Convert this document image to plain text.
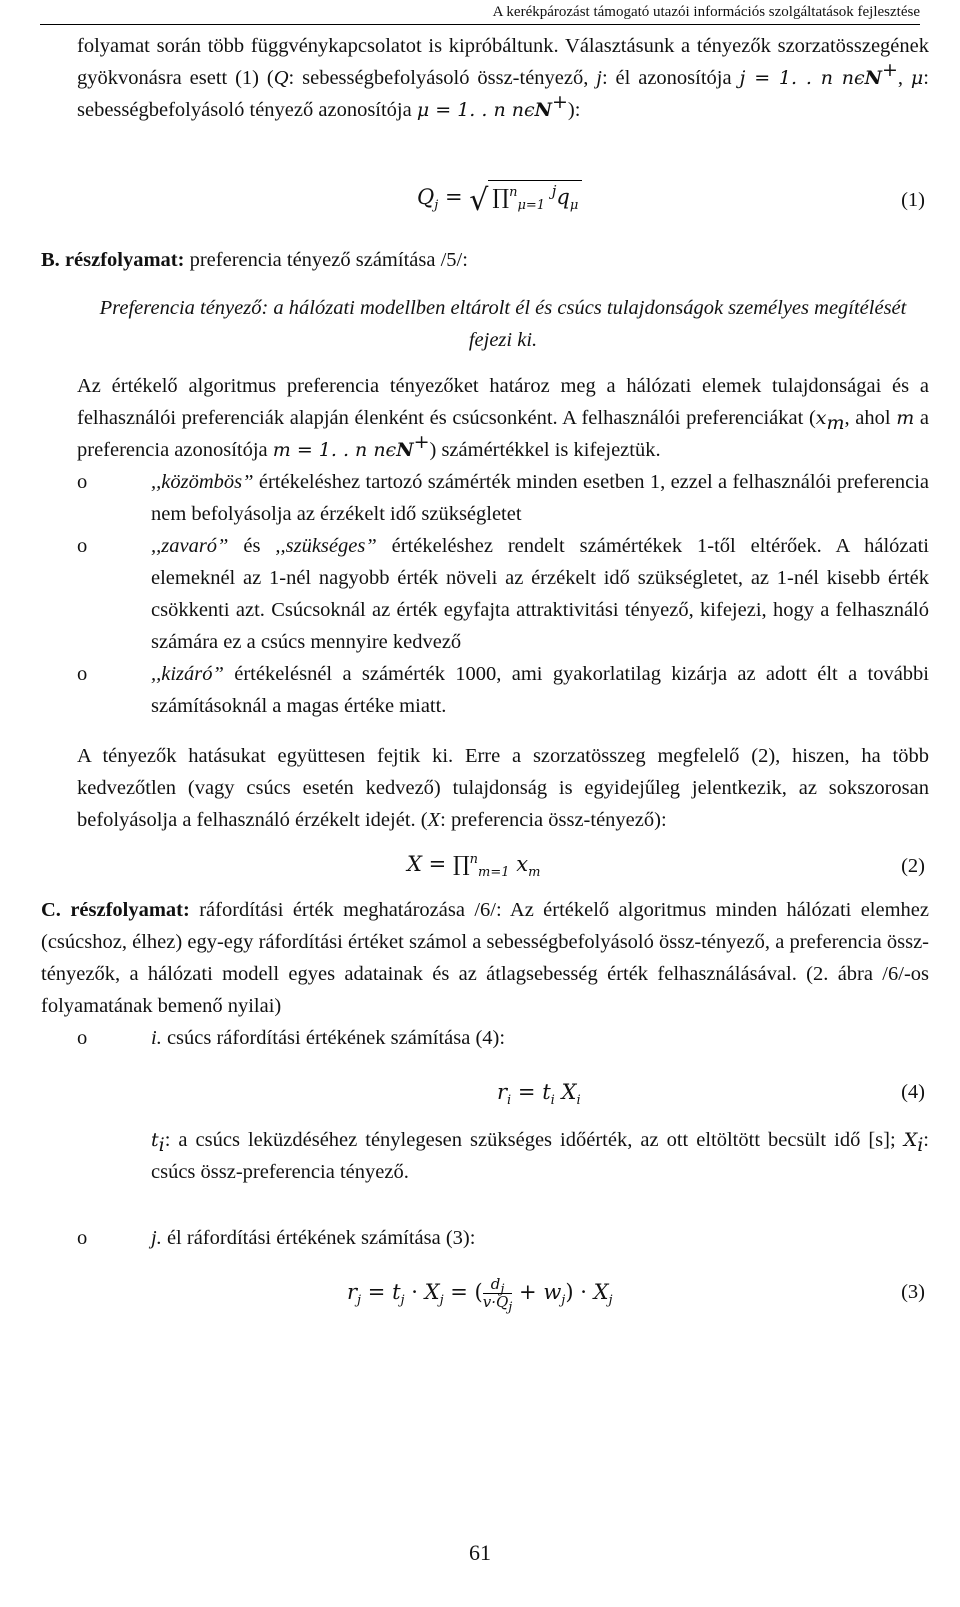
A kerékpározást támogató utazói információs szolgáltatások fejlesztése

folyamat során több függvénykapcsolatot is kipróbáltunk. Választásunk a tényezők szorzatösszegének gyökvonásra esett (1) (Q: sebességbefolyásoló össz-tényező, j: él azonosítója j = 1. . n nϵN+, μ: sebességbefolyásoló tényező azonosítója μ = 1. . n nϵN+):

$Q_j$ = √ ∏$^n_{\mu=1}$ $^jq_\mu$	(1)

B. részfolyamat: preferencia tényező számítása /5/:

Preferencia tényező: a hálózati modellben eltárolt él és csúcs tulajdonságok személyes megítélését fejezi ki.

Az értékelő algoritmus preferencia tényezőket határoz meg a hálózati elemek tulajdonságai és a felhasználói preferenciák alapján élenként és csúcsonként. A felhasználói preferenciákat ($x_m$, ahol m a preferencia azonosítója m = 1. . n nϵN+) számértékkel is kifejeztük.

o	,,közömbös” értékeléshez tartozó számérték minden esetben 1, ezzel a felhasználói preferencia nem befolyásolja az érzékelt idő szükségletet

o	,,zavaró” és ,,szükséges” értékeléshez rendelt számértékek 1-től eltérőek. A hálózati elemeknél az 1-nél nagyobb érték növeli az érzékelt idő szükségletet, az 1-nél kisebb érték csökkenti azt. Csúcsoknál az érték egyfajta attraktivitási tényező, kifejezi, hogy a felhasználó számára ez a csúcs mennyire kedvező

o	,,kizáró” értékelésnél a számérték 1000, ami gyakorlatilag kizárja az adott élt a további számításoknál a magas értéke miatt.

A tényezők hatásukat együttesen fejtik ki. Erre a szorzatösszeg megfelelő (2), hiszen, ha több kedvezőtlen (vagy csúcs esetén kedvező) tulajdonság is egyidejűleg jelentkezik, az sokszorosan befolyásolja a felhasználó érzékelt idejét. (X: preferencia össz-tényező):

X = ∏$^n_{m=1}$ $x_m$	(2)

C. részfolyamat: ráfordítási érték meghatározása /6/: Az értékelő algoritmus minden hálózati elemhez (csúcshoz, élhez) egy-egy ráfordítási értéket számol a sebességbefolyásoló össz-tényező, a preferencia össz-tényezők, a hálózati modell egyes adatainak és az átlagsebesség érték felhasználásával. (2. ábra /6/-os folyamatának bemenő nyilai)

o	i. csúcs ráfordítási értékének számítása (4):

$r_i = t_i$ $X_i$	(4)

$t_i$: a csúcs leküzdéséhez ténylegesen szükséges időérték, az ott eltöltött becsült idő [s]; $X_i$: csúcs össz-preferencia tényező.

o	j. él ráfordítási értékének számítása (3):

$r_j = t_j \cdot X_j$ = ( $\frac{d_j}{v\cdot Q_j} + w_j) \cdot X_j$	(3)
61
